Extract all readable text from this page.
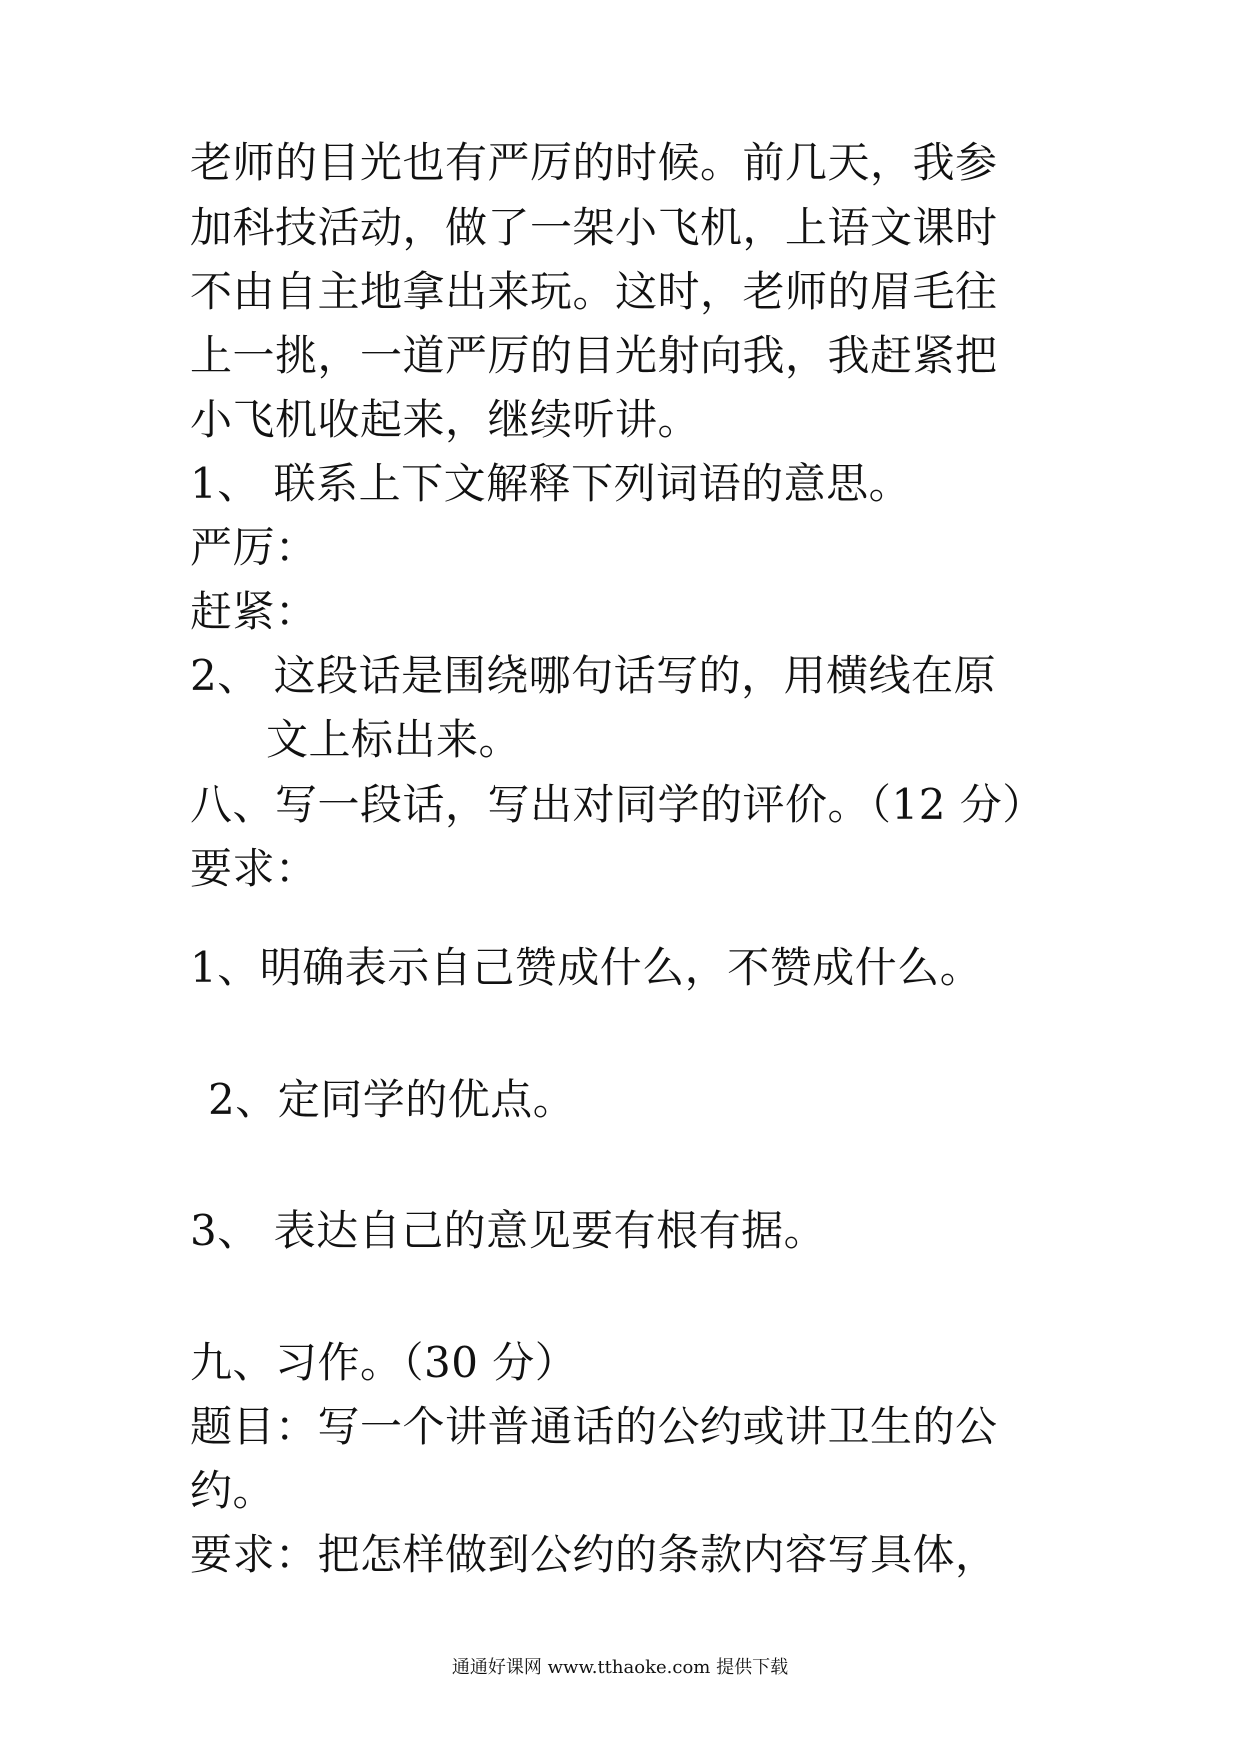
老师的目光也有严厉的时候。前几天，我参
加科技活动，做了一架小飞机，上语文课时
不由自主地拿出来玩。这时，老师的眉毛往
上一挑，一道严厉的目光射向我，我赶紧把
小飞机收起来，继续听讲。
1、 联系上下文解释下列词语的意思。
严厉：
赶紧：
2、 这段话是围绕哪句话写的，用横线在原
文上标出来。
八、写一段话，写出对同学的评价。（12 分）
要求：
1、明确表示自己赞成什么，不赞成什么。
2、定同学的优点。
3、 表达自己的意见要有根有据。
九、习作。（30 分）
题目：写一个讲普通话的公约或讲卫生的公
约。
要求：把怎样做到公约的条款内容写具体，
通通好课网 www.tthaoke.com 提供下载
